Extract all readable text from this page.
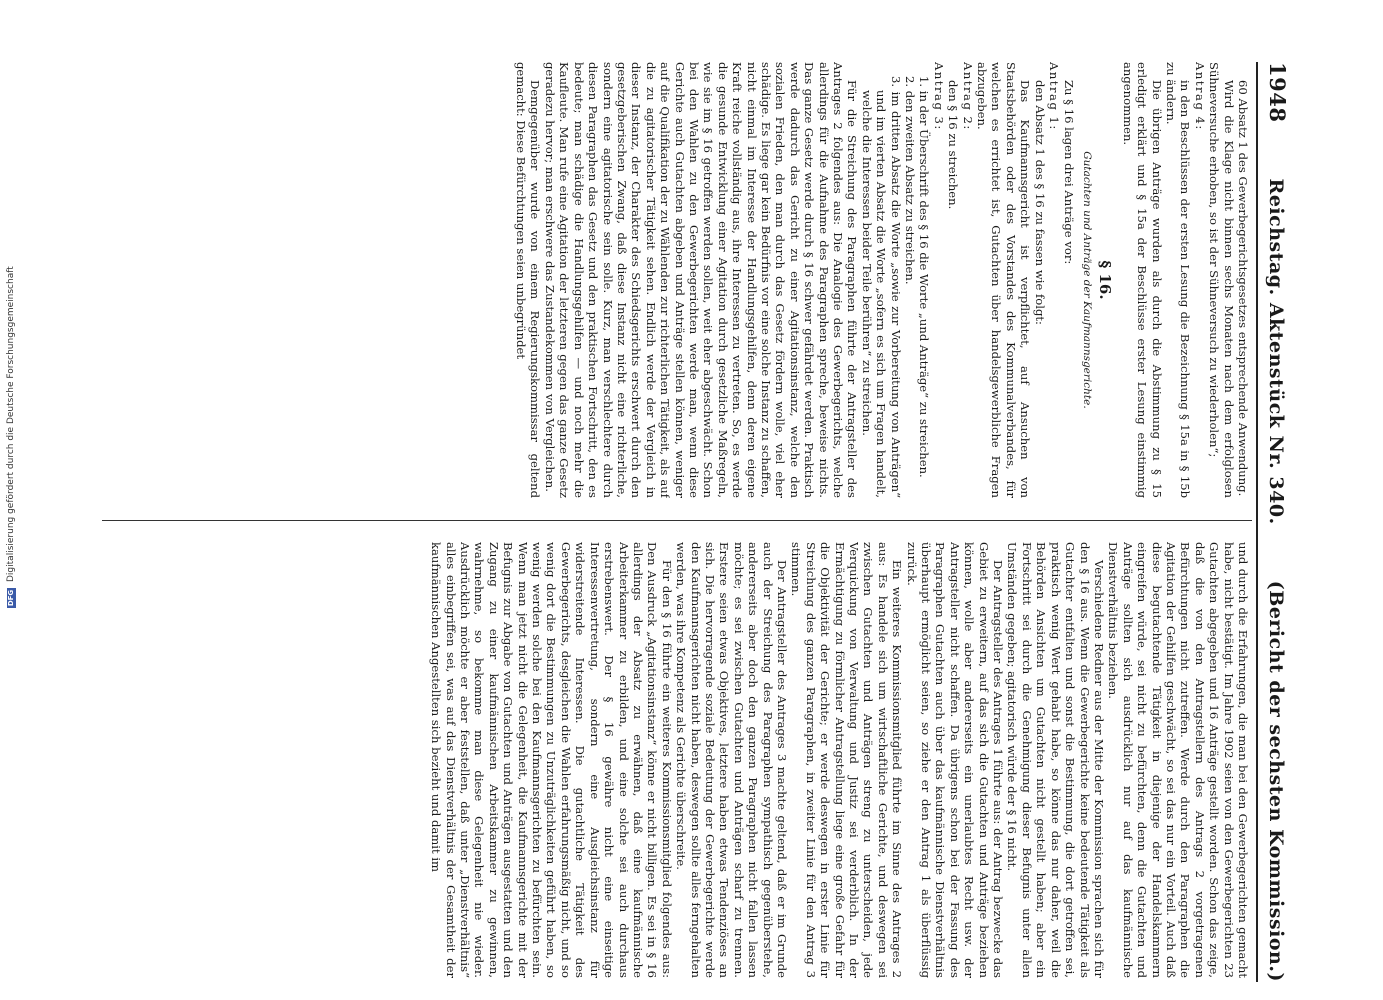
1948
Reichstag. Aktenstück Nr. 340.
(Bericht der sechsten Kommission.)

60 Absatz 1 des Gewerbegerichtsgesetzes entsprechende Anwendung.

Wird die Klage nicht binnen sechs Monaten nach dem erfolglosen Sühneversuche erhoben, so ist der Sühneversuch zu wiederholen“;

Antrag 4:

in den Beschlüssen der ersten Lesung die Bezeichnung § 15a in § 15b zu ändern.

Die übrigen Anträge wurden als durch die Abstimmung zu § 15 erledigt erklärt und § 15a der Beschlüsse erster Lesung einstimmig angenommen.

§ 16.
Gutachten und Anträge der Kaufmannsgerichte.

Zu § 16 lagen drei Anträge vor:

Antrag 1:

den Absatz 1 des § 16 zu fassen wie folgt:

Das Kaufmannsgericht ist verpflichtet, auf Ansuchen von Staatsbehörden oder des Vorstandes des Kommunalverbandes, für welchen es errichtet ist, Gutachten über handelsgewerbliche Fragen abzugeben.

Antrag 2:

den § 16 zu streichen.

Antrag 3:

1. in der Überschrift des § 16 die Worte „und Anträge“ zu streichen.

2. den zweiten Absatz zu streichen.

3. im dritten Absatz die Worte „sowie zur Vorbereitung von Anträgen“ und im vierten Absatz die Worte „sofern es sich um Fragen handelt, welche die Interessen beider Teile berühren“ zu streichen.

Für die Streichung des Paragraphen führte der Antragsteller des Antrages 2 folgendes aus: Die Analogie des Gewerbegerichts, welche allerdings für die Aufnahme des Paragraphen spreche, beweise nichts. Das ganze Gesetz werde durch § 16 schwer gefährdet werden. Praktisch werde dadurch das Gericht zu einer Agitationsinstanz, welche den sozialen Frieden, den man durch das Gesetz fördern wolle, viel eher schädige. Es liege gar kein Bedürfnis vor eine solche Instanz zu schaffen, nicht einmal im Interesse der Handlungsgehilfen, denn deren eigene Kraft reiche vollständig aus, ihre Interessen zu vertreten. So, es werde die gesunde Entwicklung einer Agitation durch gesetzliche Maßregeln, wie sie im § 16 getroffen werden sollen, weit eher abgeschwächt. Schon bei den Wahlen zu den Gewerbegerichten werde man, wenn diese Gerichte auch Gutachten abgeben und Anträge stellen können, weniger auf die Qualifikation der zu Wählenden zur richterlichen Tätigkeit, als auf die zu agitatorischer Tätigkeit sehen. Endlich werde der Vergleich in dieser Instanz, der Charakter des Schiedsgerichts erschwert durch den gesetzgeberischen Zwang, daß diese Instanz nicht eine richterliche, sondern eine agitatorische sein solle. Kurz, man verschlechtere durch diesen Paragraphen das Gesetz und den praktischen Fortschritt, den es bedeute; man schädige die Handlungsgehilfen — und noch mehr die Kaufleute. Man rufe eine Agitation der letzteren gegen das ganze Gesetz geradezu hervor; man erschwere das Zustandekommen von Vergleichen.

Demgegenüber wurde von einem Regierungskommissar geltend gemacht: Diese Befürchtungen seien unbegründet

und durch die Erfahrungen, die man bei den Gewerbegerichten gemacht habe, nicht bestätigt. Im Jahre 1902 seien von den Gewerbegerichten 23 Gutachten abgegeben und 16 Anträge gestellt worden. Schon das zeige, daß die von den Antragstellern des Antrags 2 vorgetragenen Befürchtungen nicht zutreffen. Werde durch den Paragraphen die Agitation der Gehilfen geschwächt, so sei das nur ein Vorteil. Auch daß diese begutachtende Tätigkeit in diejenige der Handelskammern eingreifen würde, sei nicht zu befürchten, denn die Gutachten und Anträge sollten sich ausdrücklich nur auf das kaufmännische Dienstverhältnis beziehen.

Verschiedene Redner aus der Mitte der Kommission sprachen sich für den § 16 aus. Wenn die Gewerbegerichte keine bedeutende Tätigkeit als Gutachter entfalten und sonst die Bestimmung, die dort getroffen sei, praktisch wenig Wert gehabt habe, so könne das nur daher, weil die Behörden Ansichten um Gutachten nicht gestellt haben; aber ein Fortschritt sei durch die Genehmigung dieser Befugnis unter allen Umständen gegeben; agitatorisch würde der § 16 nicht.

Der Antragsteller des Antrages 1 führte aus: der Antrag bezwecke das Gebiet zu erweitern, auf das sich die Gutachten und Anträge beziehen können, wolle aber andererseits ein unerlaubtes Recht usw. der Antragsteller nicht schaffen. Da übrigens schon bei der Fassung des Paragraphen Gutachten auch über das kaufmännische Dienstverhältnis überhaupt ermöglicht seien, so ziehe er den Antrag 1 als überflüssig zurück.

Ein weiteres Kommissionsmitglied führte im Sinne des Antrages 2 aus: Es handele sich um wirtschaftliche Gerichte, und deswegen sei zwischen Gutachten und Anträgen streng zu unterscheiden, jede Verquickung von Verwaltung und Justiz sei verderblich. In der Ermächtigung zu förmlicher Antragstellung liege eine große Gefahr für die Objektivität der Gerichte; er werde deswegen in erster Linie für Streichung des ganzen Paragraphen, in zweiter Linie für den Antrag 3 stimmen.

Der Antragsteller des Antrages 3 machte geltend, daß er im Grunde auch der Streichung des Paragraphen sympathisch gegenüberstehe, andererseits aber doch den ganzen Paragraphen nicht fallen lassen möchte; es sei zwischen Gutachten und Anträgen scharf zu trennen. Erstere seien etwas Objektives, letztere haben etwas Tendenziöses an sich. Die hervorragende soziale Bedeutung der Gewerbegerichte werde den Kaufmannsgerichten nicht haben, deswegen sollte alles ferngehalten werden, was ihre Kompetenz als Gerichte überschreite.

Für den § 16 führte ein weiteres Kommissionsmitglied folgendes aus: Den Ausdruck „Agitationsinstanz“ könne er nicht billigen. Es sei in § 16 allerdings der Absatz zu erwähnen, daß eine kaufmännische Arbeiterkammer zu erbilden, und eine solche sei auch durchaus erstrebenswert. Der § 16 gewähre nicht eine einseitige Interessenvertretung, sondern eine Ausgleichsinstanz für widerstreitende Interessen. Die gutachtliche Tätigkeit des Gewerbegerichts, desgleichen die Wahlen erfahrungsmäßig nicht, und so wenig dort die Bestimmungen zu Unzuträglichkeiten geführt haben, so wenig werden solche bei den Kaufmannsgerichten zu befürchten sein. Wenn man jetzt nicht die Gelegenheit, die Kaufmannsgerichte mit der Befugnis zur Abgabe von Gutachten und Anträgen ausgestatten und den Zugang zu einer kaufmännischen Arbeitskammer zu gewinnen, wahrnehme, so bekomme man diese Gelegenheit nie wieder. Ausdrücklich möchte er aber feststellen, daß unter „Dienstverhältnis“ alles einbegriffen sei, was auf das Dienstverhältnis der Gesamtheit der kaufmännischen Angestellten sich bezieht und damit im

DFG
Digitalisierung gefördert durch die Deutsche Forschungsgemeinschaft
